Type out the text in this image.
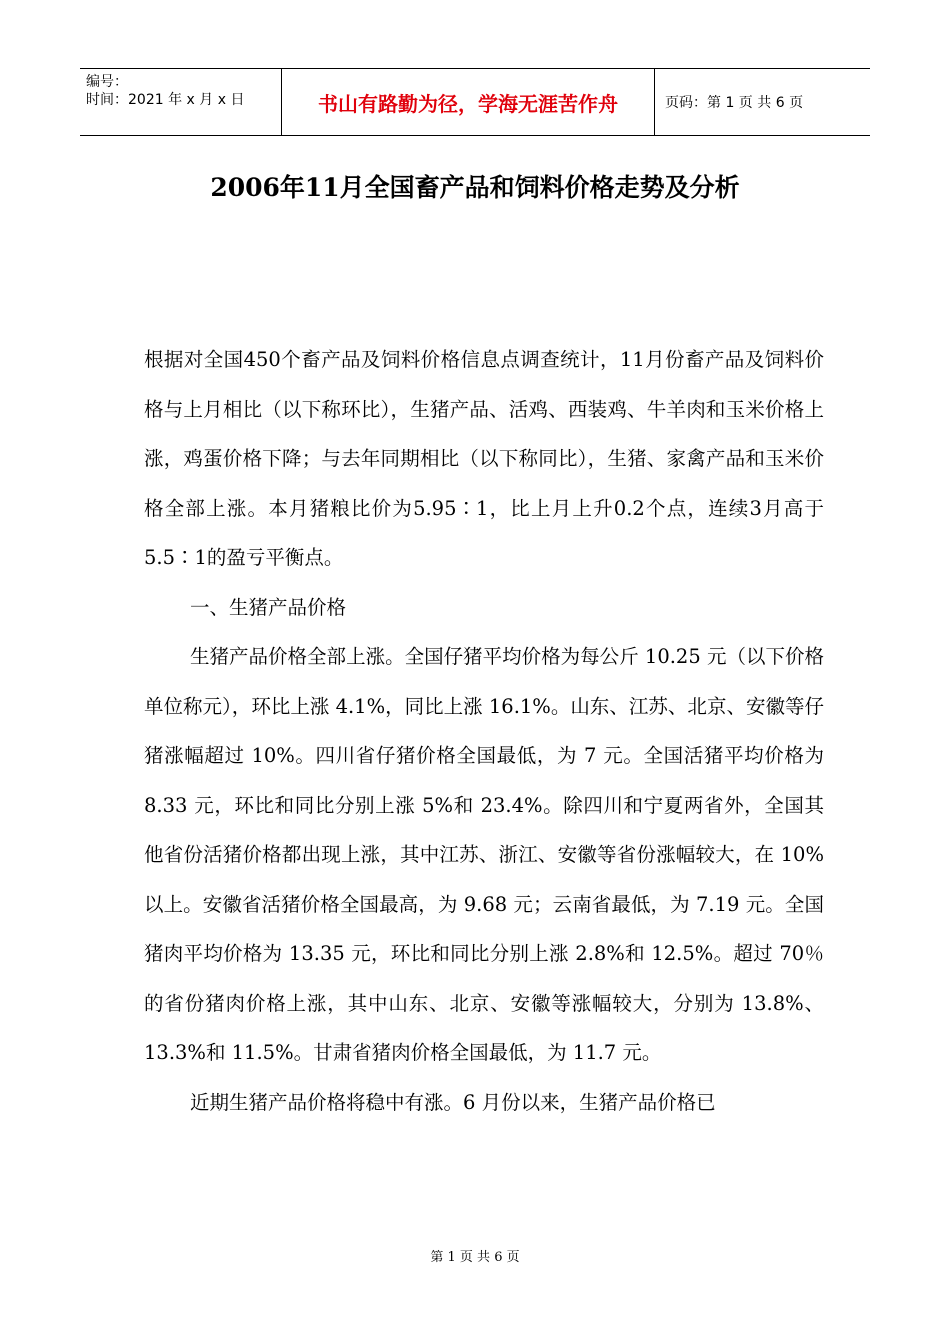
编号：
时间：2021 年 x 月 x 日	书山有路勤为径，学海无涯苦作舟	页码：第 1 页 共 6 页
2006年11月全国畜产品和饲料价格走势及分析

根据对全国450个畜产品及饲料价格信息点调查统计，11月份畜产品及饲料价格与上月相比（以下称环比），生猪产品、活鸡、西装鸡、牛羊肉和玉米价格上涨，鸡蛋价格下降；与去年同期相比（以下称同比），生猪、家禽产品和玉米价格全部上涨。本月猪粮比价为5.95∶1，比上月上升0.2个点，连续3月高于5.5∶1的盈亏平衡点。

一、生猪产品价格

生猪产品价格全部上涨。全国仔猪平均价格为每公斤 10.25 元（以下价格单位称元），环比上涨 4.1%，同比上涨 16.1%。山东、江苏、北京、安徽等仔猪涨幅超过 10%。四川省仔猪价格全国最低，为 7 元。全国活猪平均价格为 8.33 元，环比和同比分别上涨 5%和 23.4%。除四川和宁夏两省外，全国其他省份活猪价格都出现上涨，其中江苏、浙江、安徽等省份涨幅较大，在 10%以上。安徽省活猪价格全国最高，为 9.68 元；云南省最低，为 7.19 元。全国猪肉平均价格为 13.35 元，环比和同比分别上涨 2.8%和 12.5%。超过 70％的省份猪肉价格上涨，其中山东、北京、安徽等涨幅较大，分别为 13.8%、13.3%和 11.5%。甘肃省猪肉价格全国最低，为 11.7 元。

近期生猪产品价格将稳中有涨。6 月份以来，生猪产品价格已

第 1 页 共 6 页
